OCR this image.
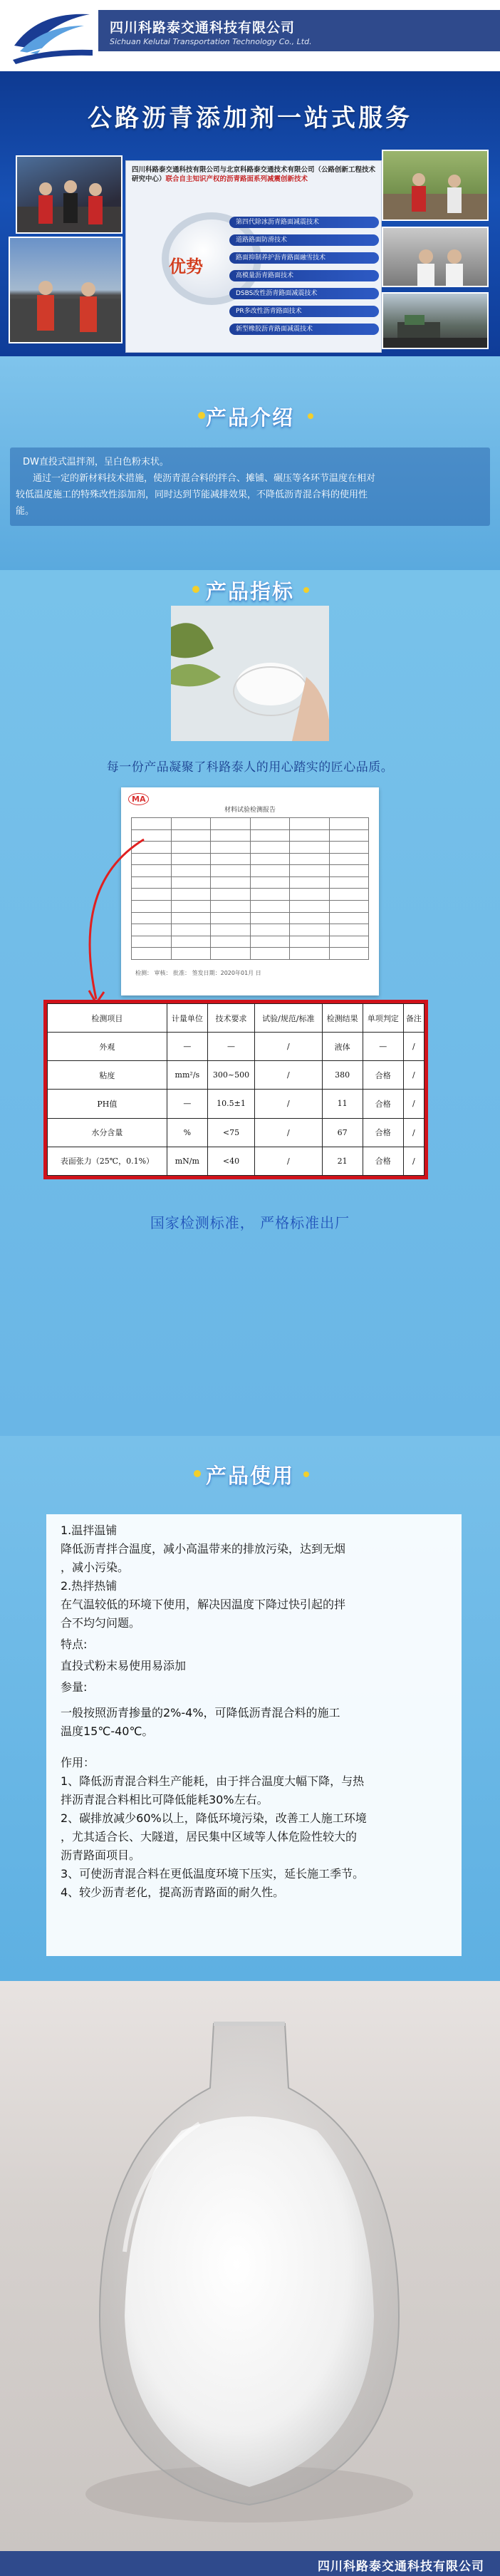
四川科路泰交通科技有限公司
Sichuan Kelutai Transportation Technology Co., Ltd.
公路沥青添加剂一站式服务
四川科路泰交通科技有限公司与北京科路泰交通技术有限公司（公路创新工程技术研究中心）联合自主知识产权的沥青路面系列减震创新技术
优势
第四代除冰沥青路面减震技术
道路路面防滑技术
路面抑制养护沥青路面融雪技术
高模量沥青路面技术
DSBS改性沥青路面减震技术
PR多改性沥青路面技术
新型橡胶沥青路面减震技术
产品介绍
DW直投式温拌剂，呈白色粉末状。
通过一定的新材料技术措施，使沥青混合料的拌合、摊铺、碾压等各环节温度在相对
较低温度施工的特殊改性添加剂，同时达到节能减排效果，不降低沥青混合料的使用性
能。
产品指标
每一份产品凝聚了科路泰人的用心踏实的匠心品质。
MA
材料试验检测报告

检测： 审核： 批准： 签发日期：2020年01月 日
检测项目	计量单位	技术要求	试验/规范/标准	检测结果	单项判定	备注
外观	—	—	/	液体	—	/
粘度	mm²/s	300~500	/	380	合格	/
PH值	—	10.5±1	/	11	合格	/
水分含量	%	<75	/	67	合格	/
表面张力（25℃，0.1%）	mN/m	<40	/	21	合格	/
国家检测标准， 严格标准出厂
产品使用
1.温拌温铺
降低沥青拌合温度，减小高温带来的排放污染，达到无烟
，减小污染。
2.热拌热铺
在气温较低的环境下使用，解决因温度下降过快引起的拌
合不均匀问题。
特点:
直投式粉末易使用易添加
参量:
一般按照沥青掺量的2%-4%，可降低沥青混合料的施工
温度15℃-40℃。
作用：
1、降低沥青混合料生产能耗，由于拌合温度大幅下降，与热
拌沥青混合料相比可降低能耗30%左右。
2、碳排放减少60%以上，降低环境污染，改善工人施工环境
，尤其适合长、大隧道，居民集中区域等人体危险性较大的
沥青路面项目。
3、可使沥青混合料在更低温度环境下压实，延长施工季节。
4、较少沥青老化，提高沥青路面的耐久性。
四川科路泰交通科技有限公司
